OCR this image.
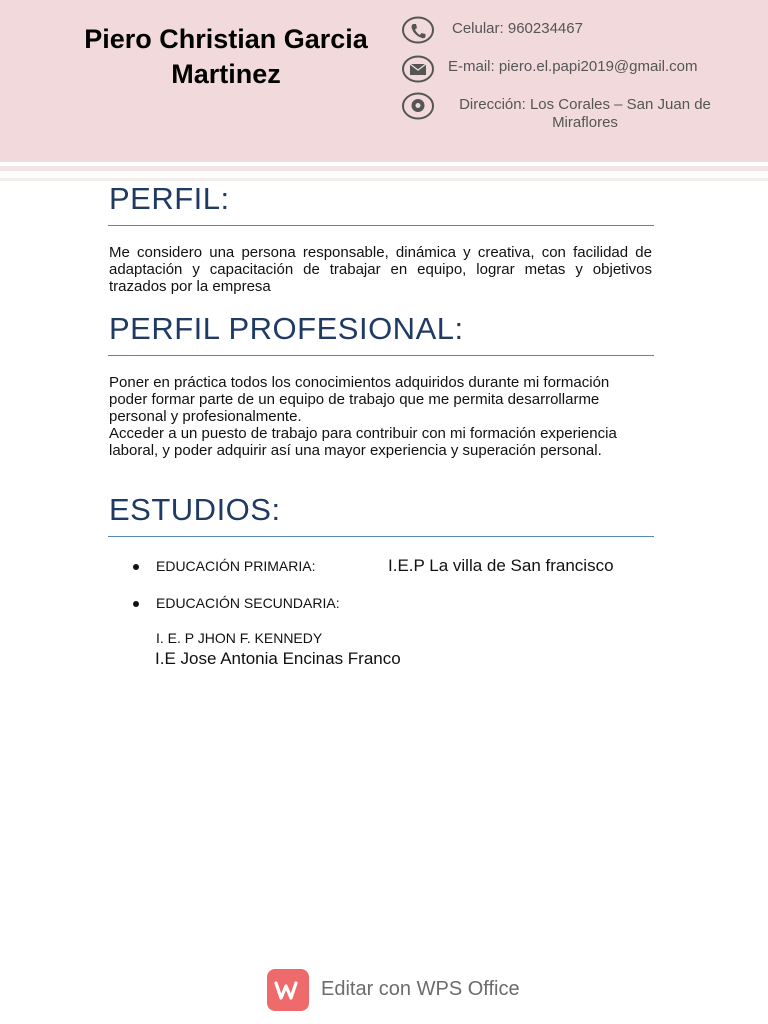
Piero Christian Garcia
Martinez
Celular: 960234467
E-mail: piero.el.papi2019@gmail.com
Dirección: Los Corales – San Juan de Miraflores
PERFIL:
Me considero una persona responsable, dinámica y creativa, con facilidad de adaptación y capacitación de trabajar en equipo, lograr metas y objetivos trazados por la empresa
PERFIL PROFESIONAL:
Poner en práctica todos los conocimientos adquiridos durante mi formación poder formar parte de un equipo de trabajo que me permita desarrollarme personal y profesionalmente.
Acceder a un puesto de trabajo para contribuir con mi formación experiencia laboral, y poder adquirir así una mayor experiencia y superación personal.
ESTUDIOS:
EDUCACIÓN PRIMARIA:	I.E.P La villa de San francisco
EDUCACIÓN SECUNDARIA:
I. E. P JHON F. KENNEDY
I.E Jose Antonia Encinas Franco
Editar con WPS Office
